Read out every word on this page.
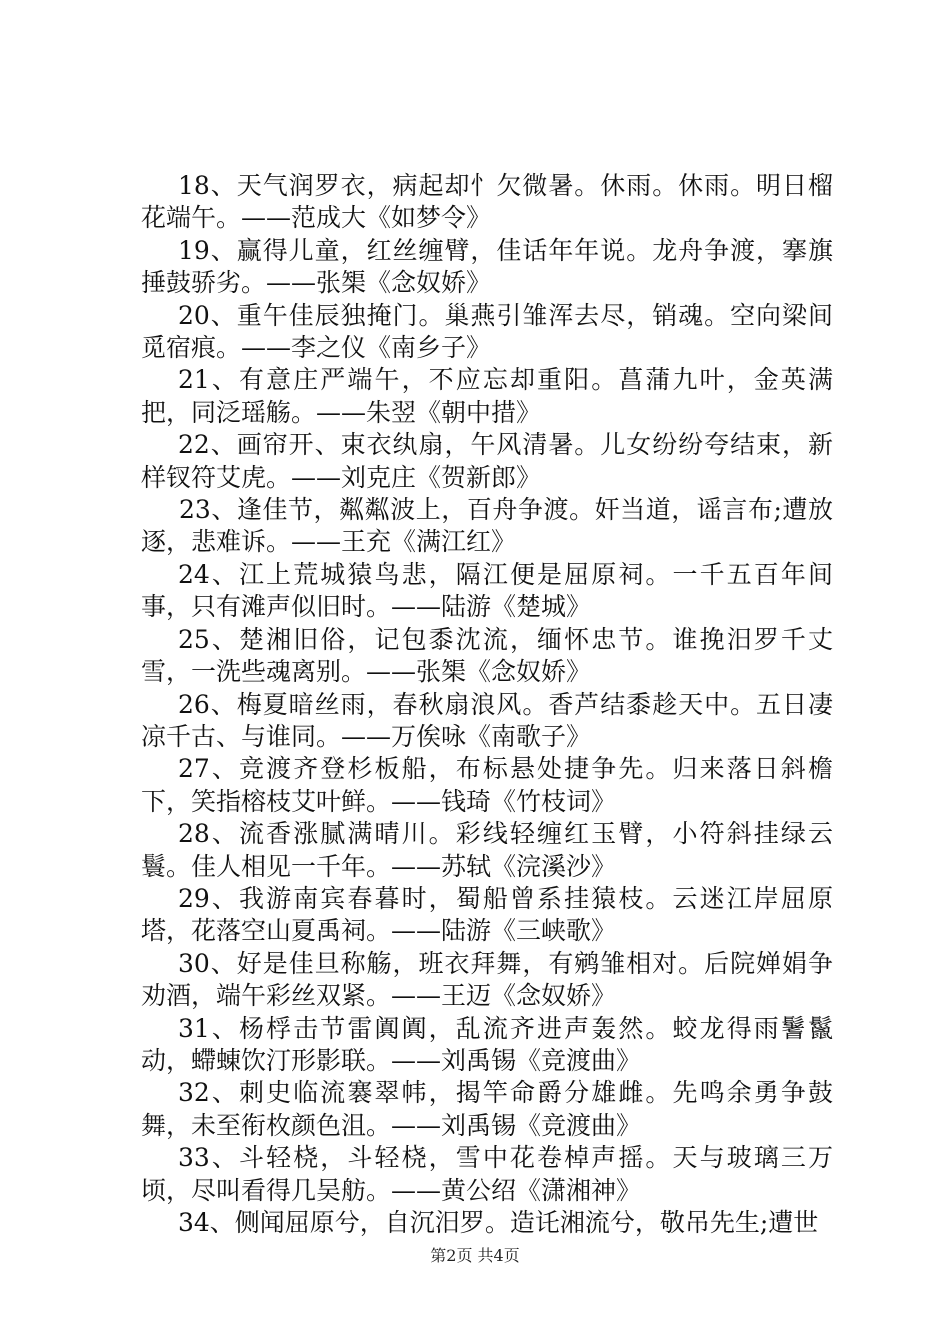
18、天气润罗衣，病起却忄欠微暑。休雨。休雨。明日榴花端午。——范成大《如梦令》

19、赢得儿童，红丝缠臂，佳话年年说。龙舟争渡，搴旗捶鼓骄劣。——张榘《念奴娇》

20、重午佳辰独掩门。巢燕引雏浑去尽，销魂。空向梁间觅宿痕。——李之仪《南乡子》

21、有意庄严端午，不应忘却重阳。菖蒲九叶，金英满把，同泛瑶觞。——朱翌《朝中措》

22、画帘开、束衣纨扇，午风清暑。儿女纷纷夸结束，新样钗符艾虎。——刘克庄《贺新郎》

23、逢佳节，粼粼波上，百舟争渡。奸当道，谣言布;遭放逐，悲难诉。——王充《满江红》

24、江上荒城猿鸟悲，隔江便是屈原祠。一千五百年间事，只有滩声似旧时。——陆游《楚城》

25、楚湘旧俗，记包黍沈流，缅怀忠节。谁挽汨罗千丈雪，一洗些魂离别。——张榘《念奴娇》

26、梅夏暗丝雨，春秋扇浪风。香芦结黍趁天中。五日凄凉千古、与谁同。——万俟咏《南歌子》

27、竞渡齐登杉板船，布标悬处捷争先。归来落日斜檐下，笑指榕枝艾叶鲜。——钱琦《竹枝词》

28、流香涨腻满晴川。彩线轻缠红玉臂，小符斜挂绿云鬟。佳人相见一千年。——苏轼《浣溪沙》

29、我游南宾春暮时，蜀船曾系挂猿枝。云迷江岸屈原塔，花落空山夏禹祠。——陆游《三峡歌》

30、好是佳旦称觞，班衣拜舞，有鹓雏相对。后院婵娟争劝酒，端午彩丝双紧。——王迈《念奴娇》

31、杨桴击节雷阗阗，乱流齐进声轰然。蛟龙得雨鬐鬣动，螮蝀饮汀形影联。——刘禹锡《竞渡曲》

32、刺史临流褰翠帏，揭竿命爵分雄雌。先鸣余勇争鼓舞，未至衔枚颜色沮。——刘禹锡《竞渡曲》

33、斗轻桡，斗轻桡，雪中花卷棹声摇。天与玻璃三万顷，尽叫看得几吴舫。——黄公绍《潇湘神》

34、侧闻屈原兮，自沉汨罗。造讬湘流兮，敬吊先生;遭世

第2页 共4页
